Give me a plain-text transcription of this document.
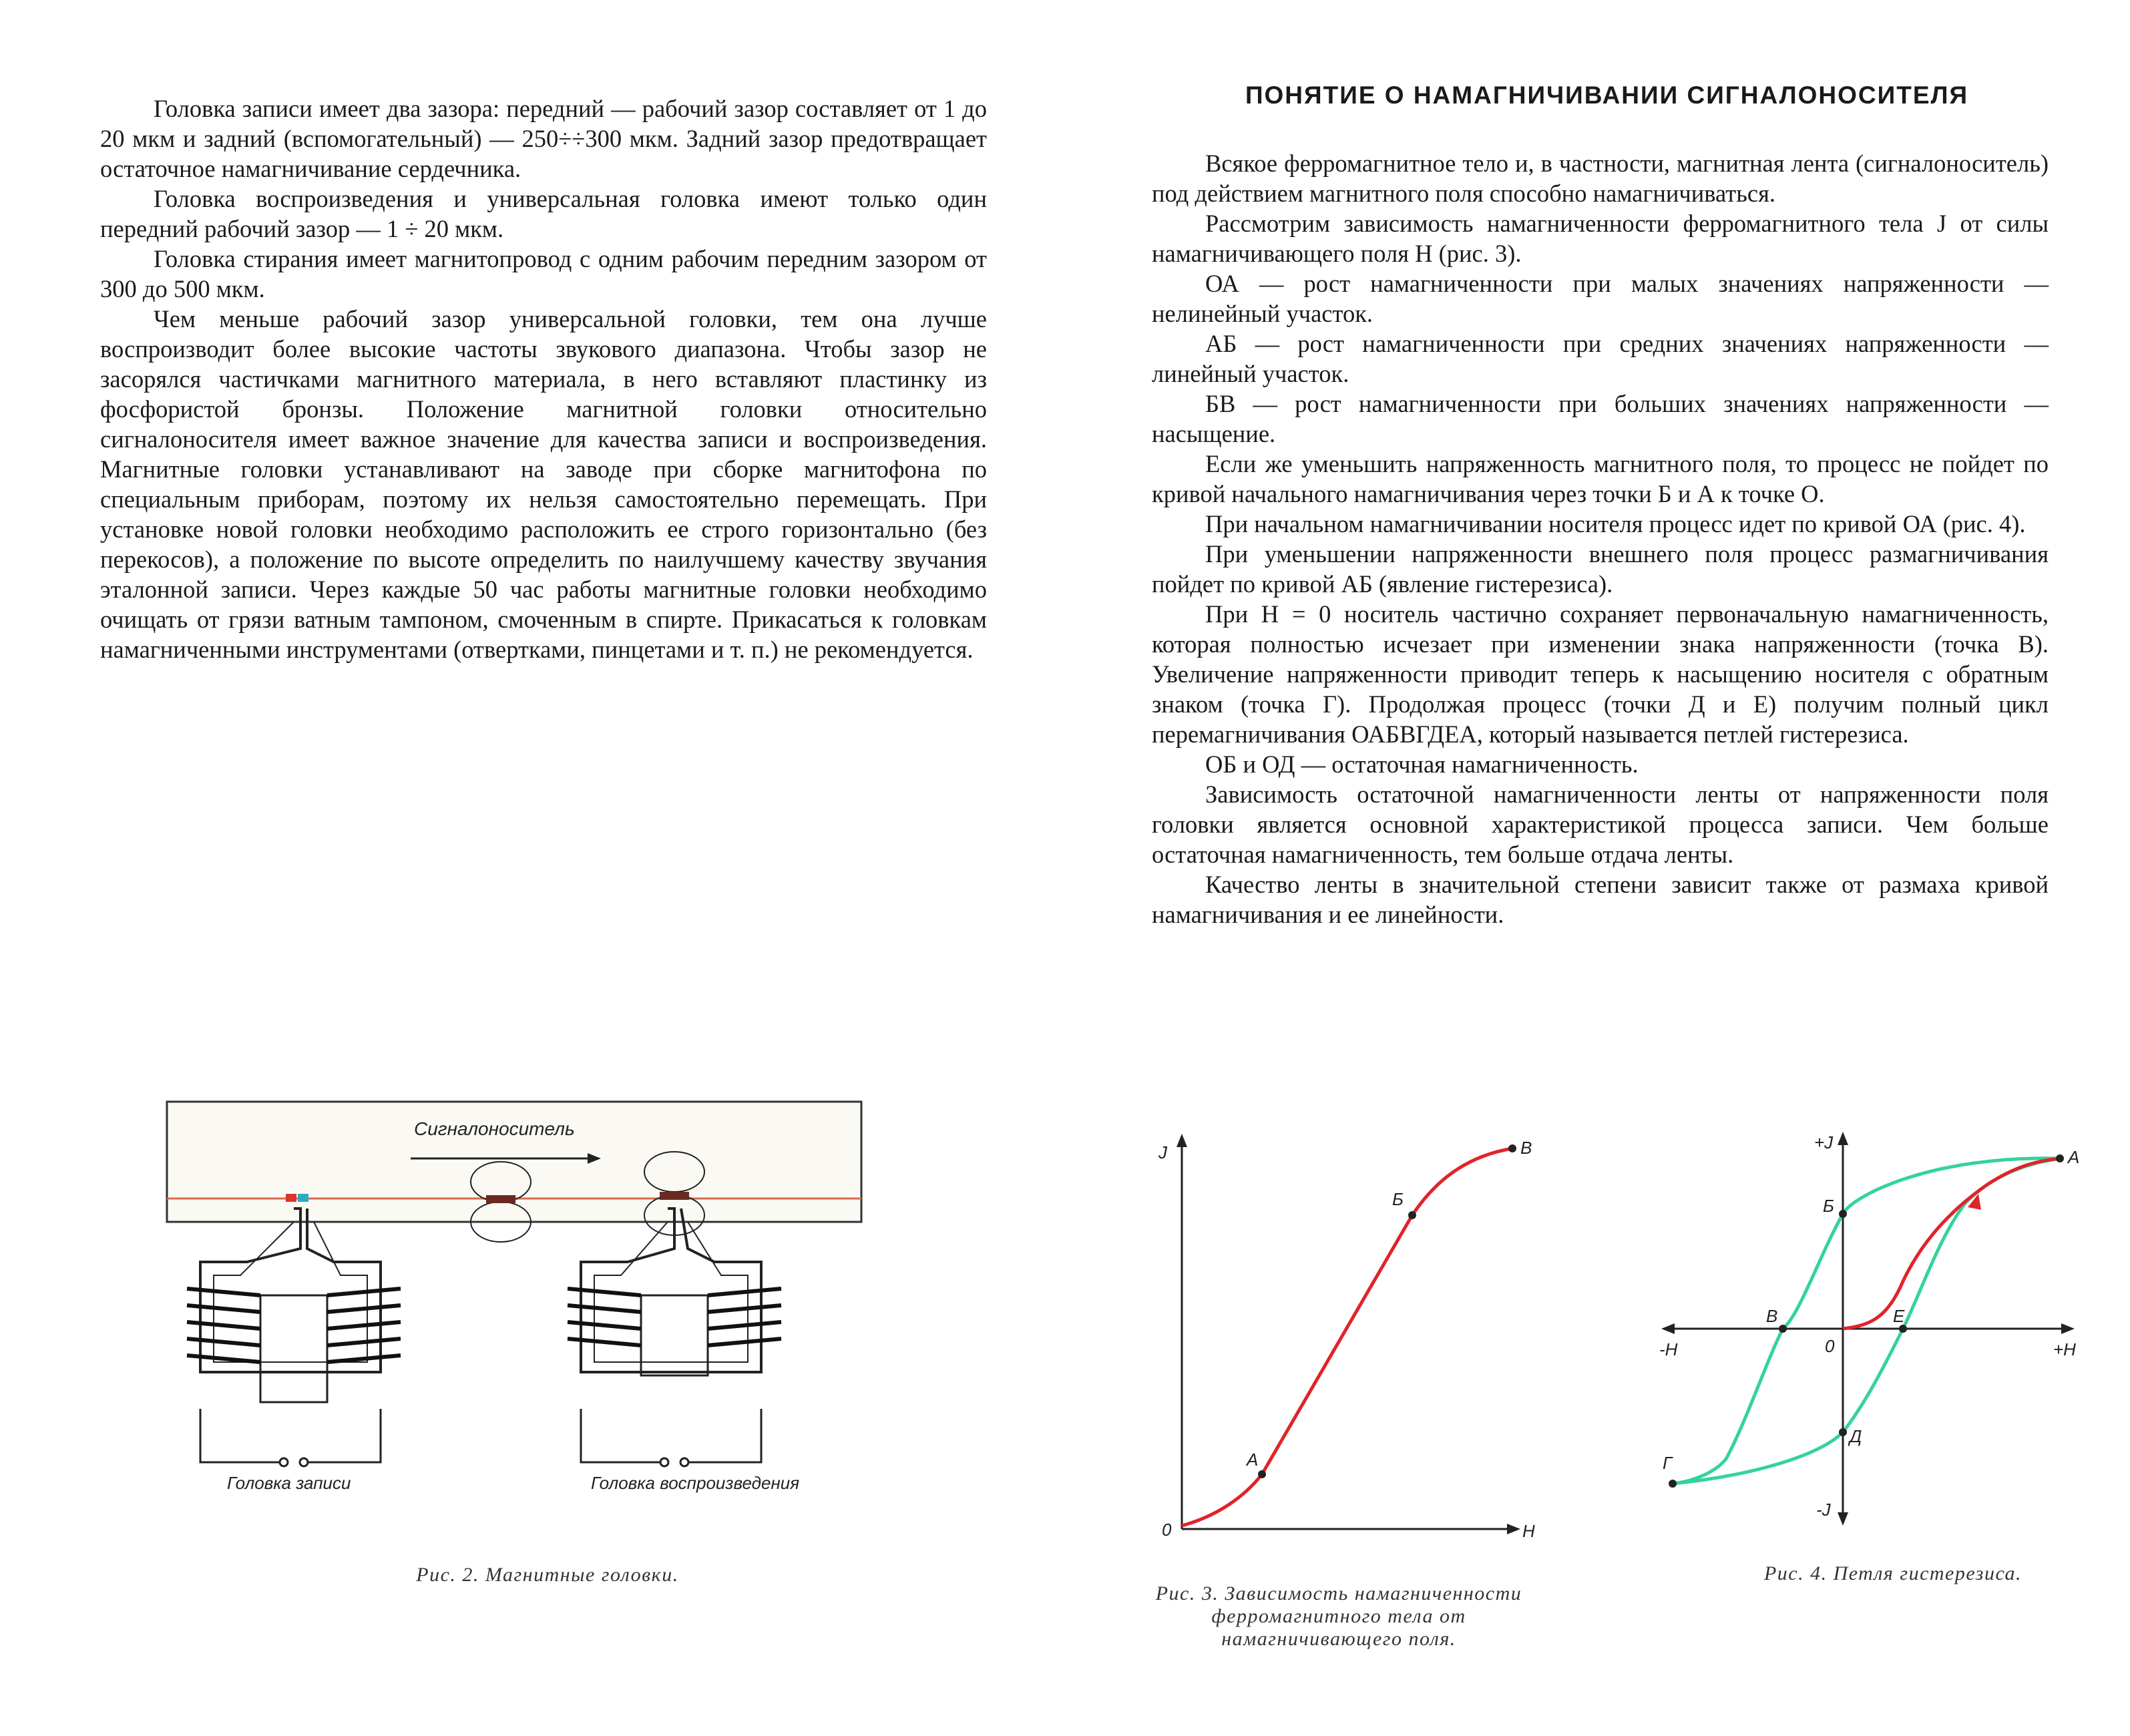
Головка записи имеет два зазора: передний — рабочий зазор составляет от 1 до 20 мкм и задний (вспомогательный) — 250÷÷300 мкм. Задний зазор предотвращает остаточное намагничивание сердечника.

Головка воспроизведения и универсальная головка имеют только один передний рабочий зазор — 1 ÷ 20 мкм.

Головка стирания имеет магнитопровод с одним рабочим передним зазором от 300 до 500 мкм.

Чем меньше рабочий зазор универсальной головки, тем она лучше воспроизводит более высокие частоты звукового диапазона. Чтобы зазор не засорялся частичками магнитного материала, в него вставляют пластинку из фосфористой бронзы. Положение магнитной головки относительно сигналоносителя имеет важное значение для качества записи и воспроизведения. Магнитные головки устанавливают на заводе при сборке магнитофона по специальным приборам, поэтому их нельзя самостоятельно перемещать. При установке новой головки необходимо расположить ее строго горизонтально (без перекосов), а положение по высоте определить по наилучшему качеству звучания эталонной записи. Через каждые 50 час работы магнитные головки необходимо очищать от грязи ватным тампоном, смоченным в спирте. Прикасаться к головкам намагниченными инструментами (отвертками, пинцетами и т. п.) не рекомендуется.

Сигналоноситель
Головка записи	Головка воспроизведения
Рис. 2. Магнитные головки.
ПОНЯТИЕ О НАМАГНИЧИВАНИИ СИГНАЛОНОСИТЕЛЯ

Всякое ферромагнитное тело и, в частности, магнитная лента (сигналоноситель) под действием магнитного поля способно намагничиваться.

Рассмотрим зависимость намагниченности ферромагнитного тела J от силы намагничивающего поля H (рис. 3).

ОА — рост намагниченности при малых значениях напряженности — нелинейный участок.

АБ — рост намагниченности при средних значениях напряженности — линейный участок.

БВ — рост намагниченности при больших значениях напряженности — насыщение.

Если же уменьшить напряженность магнитного поля, то процесс не пойдет по кривой начального намагничивания через точки Б и А к точке О.

При начальном намагничивании носителя процесс идет по кривой ОА (рис. 4).

При уменьшении напряженности внешнего поля процесс размагничивания пойдет по кривой АБ (явление гистерезиса).

При H = 0 носитель частично сохраняет первоначальную намагниченность, которая полностью исчезает при изменении знака напряженности (точка В). Увеличение напряженности приводит теперь к насыщению носителя с обратным знаком (точка Г). Продолжая процесс (точки Д и Е) получим полный цикл перемагничивания ОАБВГДЕА, который называется петлей гистерезиса.

ОБ и ОД — остаточная намагниченность.

Зависимость остаточной намагниченности ленты от напряженности поля головки является основной характеристикой процесса записи. Чем больше остаточная намагниченность, тем больше отдача ленты.

Качество ленты в значительной степени зависит также от размаха кривой намагничивания и ее линейности.

J
H
0
А
Б
В
Рис. 3. Зависимость намагниченности ферромагнитного тела от намагничивающего поля.
+J
-J
+H
-H	0
А
Б
В
Г
Д
Е
Рис. 4. Петля гистерезиса.
